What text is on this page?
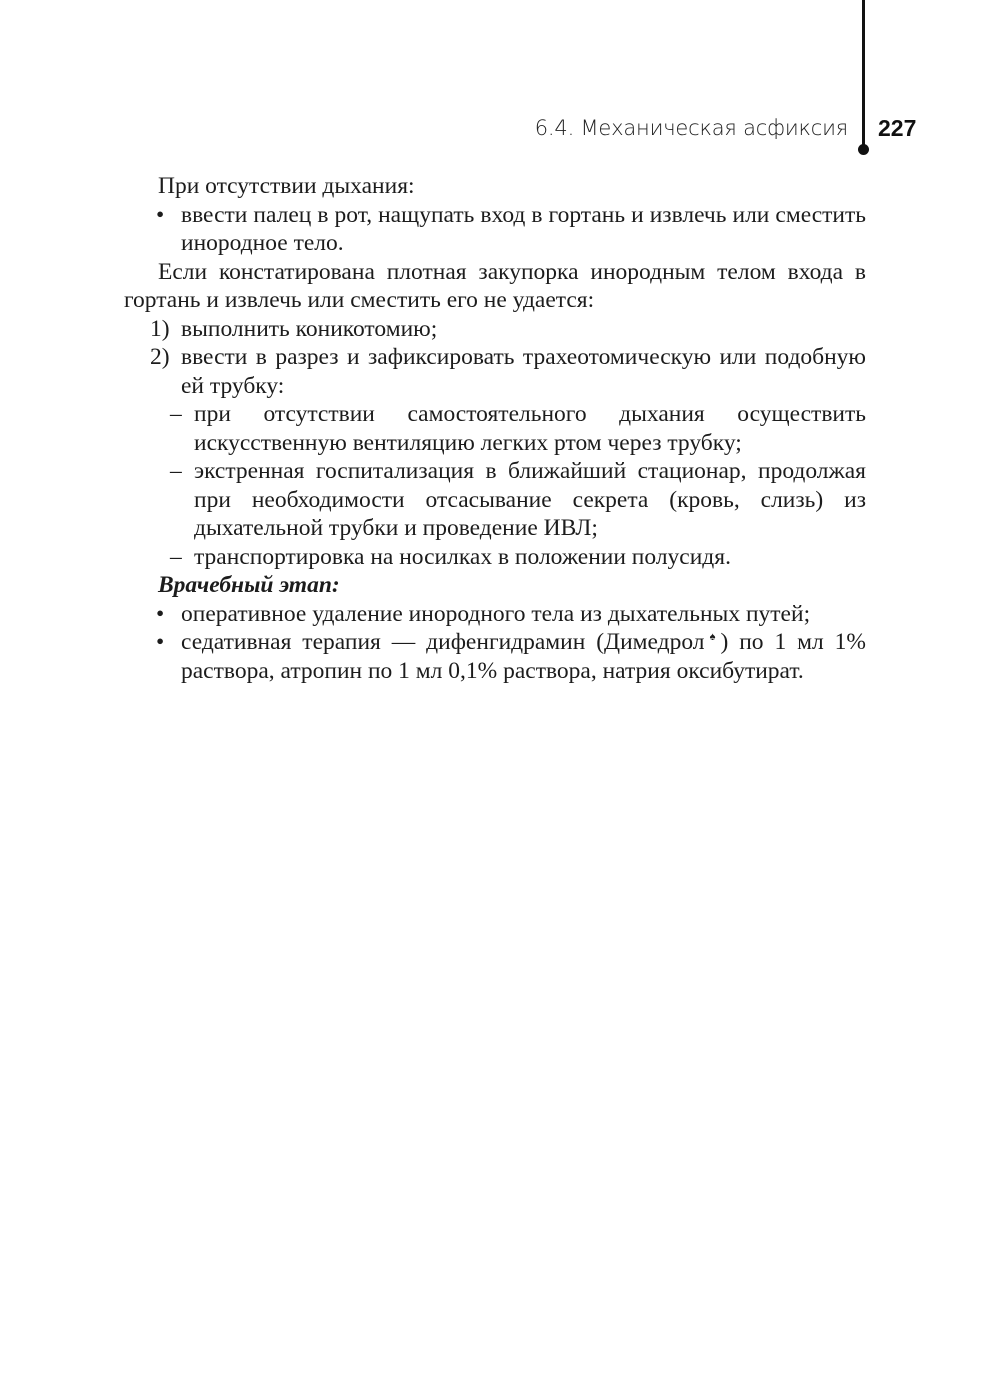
6.4. Механическая асфиксия 227

При отсутствии дыхания:

• ввести палец в рот, нащупать вход в гортань и извлечь или сместить инородное тело.

Если констатирована плотная закупорка инородным телом входа в гортань и извлечь или сместить его не удается:

1) выполнить коникотомию;
2) ввести в разрез и зафиксировать трахеотомическую или подобную ей трубку:
– при отсутствии самостоятельного дыхания осуществить искусственную вентиляцию легких ртом через трубку;
– экстренная госпитализация в ближайший стационар, продолжая при необходимости отсасывание секрета (кровь, слизь) из дыхательной трубки и проведение ИВЛ;
– транспортировка на носилках в положении полусидя.

Врачебный этап:

• оперативное удаление инородного тела из дыхательных путей;
• седативная терапия — дифенгидрамин (Димедрол♠) по 1 мл 1% раствора, атропин по 1 мл 0,1% раствора, натрия оксибутират.
